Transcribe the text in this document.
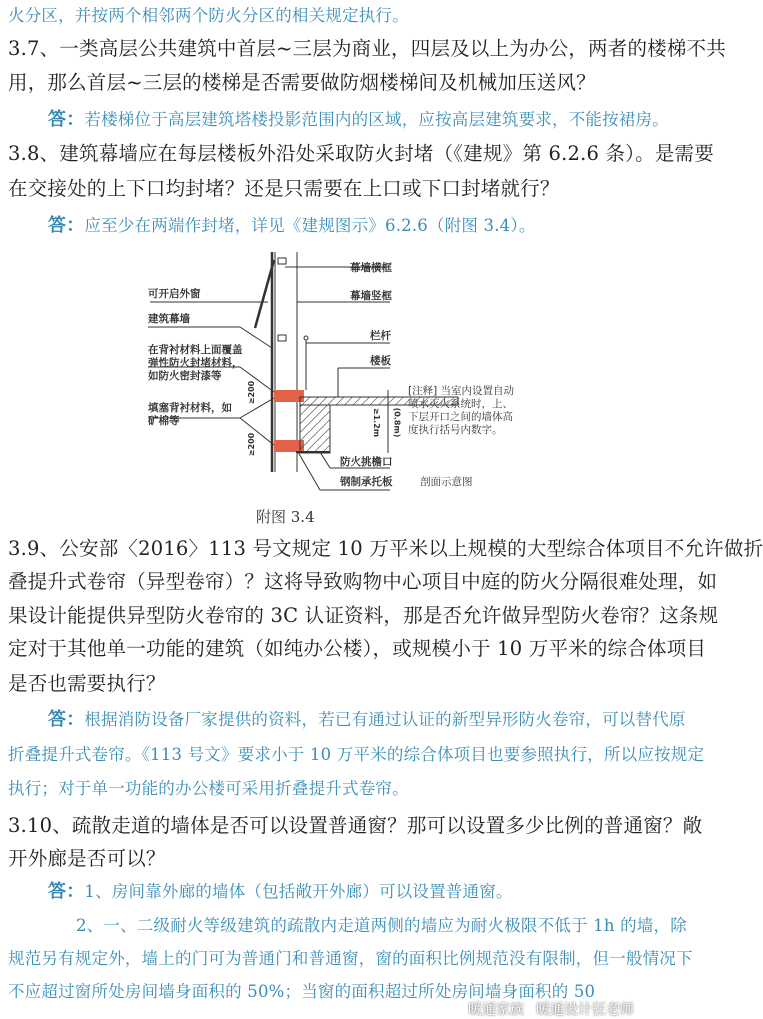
火分区，并按两个相邻两个防火分区的相关规定执行。
3.7、一类高层公共建筑中首层~三层为商业，四层及以上为办公，两者的楼梯不共
用，那么首层~三层的楼梯是否需要做防烟楼梯间及机械加压送风？
答：若楼梯位于高层建筑塔楼投影范围内的区域，应按高层建筑要求，不能按裙房。
3.8、建筑幕墙应在每层楼板外沿处采取防火封堵（《建规》第 6.2.6 条）。是需要
在交接处的上下口均封堵？还是只需要在上口或下口封堵就行？
答：应至少在两端作封堵，详见《建规图示》6.2.6（附图 3.4）。
幕墙横框
可开启外窗	幕墙竖框
建筑幕墙
栏杆
楼板
在背衬材料上面覆盖
弹性防火封堵材料，
如防火密封漆等
填塞背衬材料，如
矿棉等
[注释] 当室内设置自动
喷水灭火系统时，上、
下层开口之间的墙体高
度执行括号内数字。
防火挑檐口
钢制承托板	剖面示意图
≥200
≥200
≥1.2m (0.8m)
附图 3.4
3.9、公安部〈2016〉113 号文规定 10 万平米以上规模的大型综合体项目不允许做折
叠提升式卷帘（异型卷帘）？这将导致购物中心项目中庭的防火分隔很难处理，如
果设计能提供异型防火卷帘的 3C 认证资料，那是否允许做异型防火卷帘？这条规
定对于其他单一功能的建筑（如纯办公楼），或规模小于 10 万平米的综合体项目
是否也需要执行？
答：根据消防设备厂家提供的资料，若已有通过认证的新型异形防火卷帘，可以替代原
折叠提升式卷帘。《113 号文》要求小于 10 万平米的综合体项目也要参照执行，所以应按规定
执行；对于单一功能的办公楼可采用折叠提升式卷帘。
3.10、疏散走道的墙体是否可以设置普通窗？那可以设置多少比例的普通窗？敞
开外廊是否可以？
答：1、房间靠外廊的墙体（包括敞开外廊）可以设置普通窗。
2、一、二级耐火等级建筑的疏散内走道两侧的墙应为耐火极限不低于 1h 的墙，除
规范另有规定外，墙上的门可为普通门和普通窗，窗的面积比例规范没有限制，但一般情况下
不应超过窗所处房间墙身面积的 50%；当窗的面积超过所处房间墙身面积的 50
暖通家族 暖通设计狂老师
